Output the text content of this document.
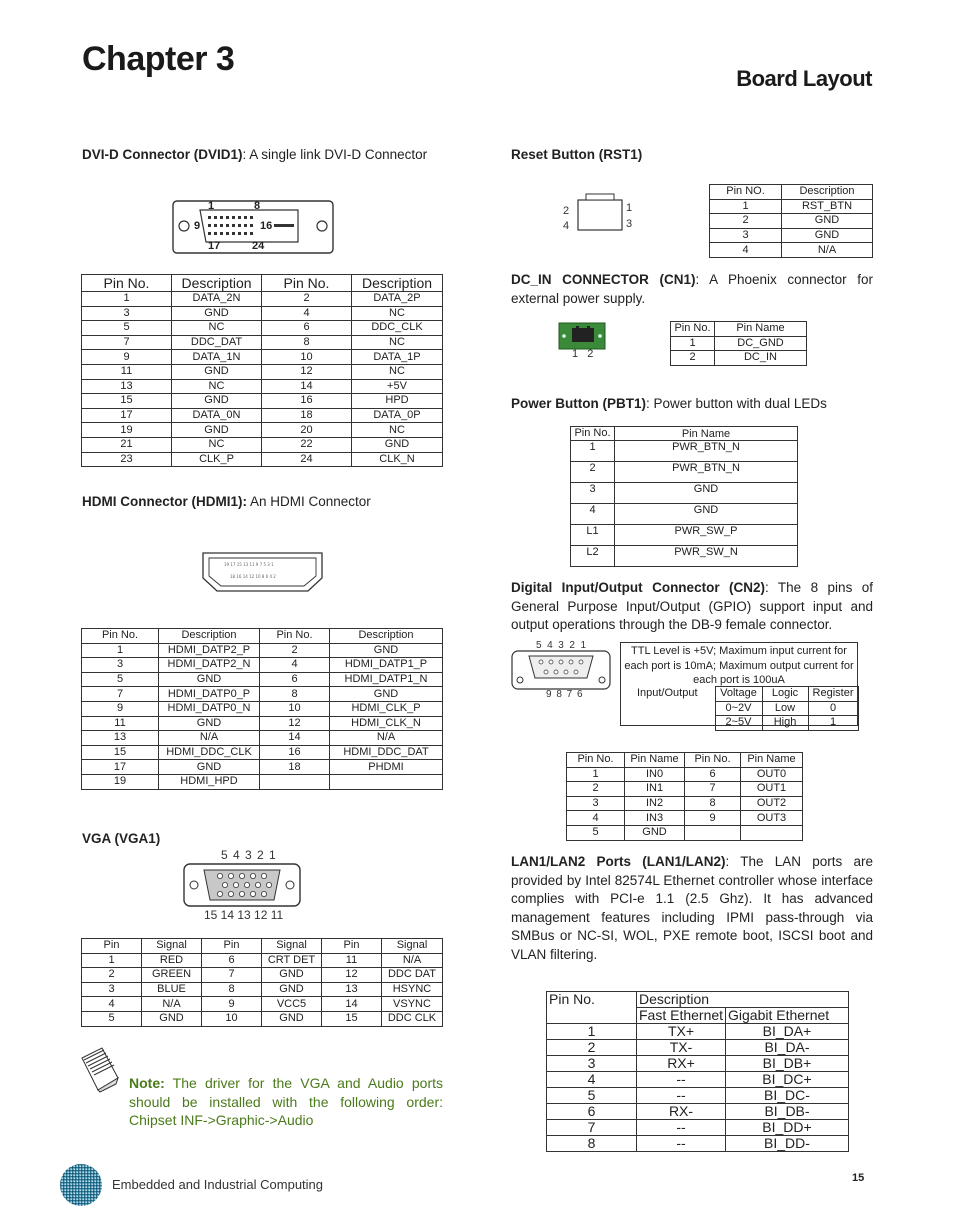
Chapter 3
Board Layout
DVI-D Connector (DVID1): A single link DVI-D Connector
1	8
9	16
17	24
Pin No.	Description	Pin No.	Description
1	DATA_2N	2	DATA_2P
3	GND	4	NC
5	NC	6	DDC_CLK
7	DDC_DAT	8	NC
9	DATA_1N	10	DATA_1P
11	GND	12	NC
13	NC	14	+5V
15	GND	16	HPD
17	DATA_0N	18	DATA_0P
19	GND	20	NC
21	NC	22	GND
23	CLK_P	24	CLK_N
HDMI Connector (HDMI1): An HDMI Connector
19 17 15 13 11 9 7 5 3 1
18 16 14 12 10 8 6 4 2
Pin No.	Description	Pin No.	Description
1	HDMI_DATP2_P	2	GND
3	HDMI_DATP2_N	4	HDMI_DATP1_P
5	GND	6	HDMI_DATP1_N
7	HDMI_DATP0_P	8	GND
9	HDMI_DATP0_N	10	HDMI_CLK_P
11	GND	12	HDMI_CLK_N
13	N/A	14	N/A
15	HDMI_DDC_CLK	16	HDMI_DDC_DAT
17	GND	18	PHDMI
19	HDMI_HPD		
VGA (VGA1)
5 4 3 2 1
15 14 13 12 11
Pin	Signal	Pin	Signal	Pin	Signal
1	RED	6	CRT DET	11	N/A
2	GREEN	7	GND	12	DDC DAT
3	BLUE	8	GND	13	HSYNC
4	N/A	9	VCC5	14	VSYNC
5	GND	10	GND	15	DDC CLK
Note: The driver for the VGA and Audio ports should be installed with the following order: Chipset INF->Graphic->Audio
Reset Button (RST1)
2
4
1
3
Pin NO.	Description
1	RST_BTN
2	GND
3	GND
4	N/A
DC_IN CONNECTOR (CN1): A Phoenix connector for external power supply.
1   2
Pin No.	Pin Name
1	DC_GND
2	DC_IN
Power Button (PBT1): Power button with dual LEDs
Pin No.	Pin Name
1	PWR_BTN_N
2	PWR_BTN_N
3	GND
4	GND
L1	PWR_SW_P
L2	PWR_SW_N
Digital Input/Output Connector (CN2): The 8 pins of General Purpose Input/Output (GPIO) support input and output operations through the DB-9 female connector.
5  4  3  2  1
9 8 7 6
TTL Level is +5V; Maximum input current for each port is 10mA; Maximum output current for each port is 100uA
Input/Output	Voltage	Logic	Register
	0~2V	Low	0
	2~5V	High	1
Pin No.	Pin Name	Pin No.	Pin Name
1	IN0	6	OUT0
2	IN1	7	OUT1
3	IN2	8	OUT2
4	IN3	9	OUT3
5	GND		
LAN1/LAN2 Ports (LAN1/LAN2): The LAN ports are provided by Intel 82574L Ethernet controller whose interface complies with PCI-e 1.1 (2.5 Ghz). It has advanced management features including IPMI pass-through via SMBus or NC-SI, WOL, PXE remote boot, ISCSI boot and VLAN filtering.
Pin No.	Description	
	Fast Ethernet	Gigabit Ethernet
1	TX+	BI_DA+
2	TX-	BI_DA-
3	RX+	BI_DB+
4	--	BI_DC+
5	--	BI_DC-
6	RX-	BI_DB-
7	--	BI_DD+
8	--	BI_DD-
Embedded and Industrial Computing	15
